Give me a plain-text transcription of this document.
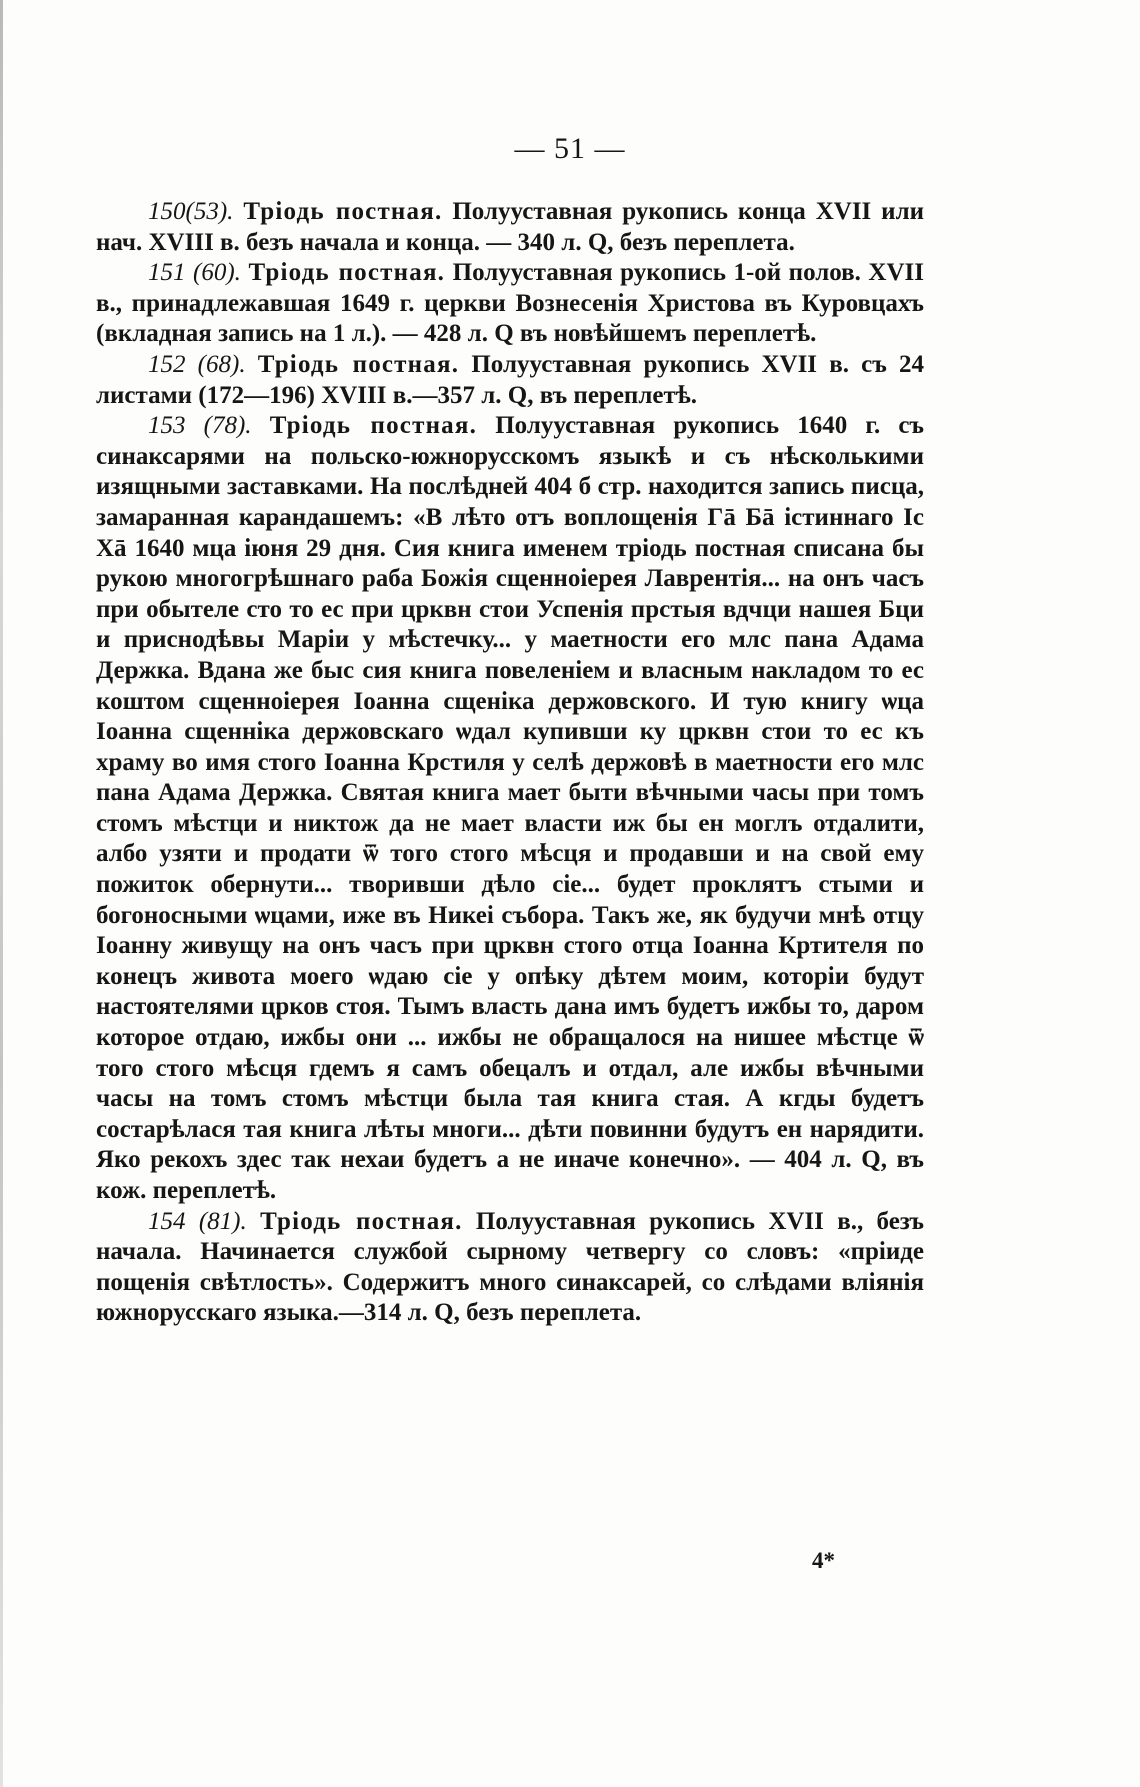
— 51 —

150(53). Тріодь постная. Полууставная рукопись конца XVII или нач. XVIII в. безъ начала и конца. — 340 л. Q, безъ переплета.

151 (60). Тріодь постная. Полууставная рукопись 1-ой полов. XVII в., принадлежавшая 1649 г. церкви Вознесенія Христова въ Куровцахъ (вкладная запись на 1 л.). — 428 л. Q въ новѣйшемъ переплетѣ.

152 (68). Тріодь постная. Полууставная рукопись XVII в. съ 24 листами (172—196) XVIII в.—357 л. Q, въ переплетѣ.

153 (78). Тріодь постная. Полууставная рукопись 1640 г. съ синаксарями на польско-южнорусскомъ языкѣ и съ нѣсколькими изящными заставками. На послѣдней 404 б стр. находится запись писца, замаранная карандашемъ: «В лѣто отъ воплощенія Гā Бā істиннаго Іс Хā 1640 мца іюня 29 дня. Сия книга именем тріодь постная списана бы рукою многогрѣшнаго раба Божія сщенноіерея Лаврентія... на онъ часъ при обытеле сто то ес при црквн стои Успенія прстыя вдчци нашея Бци и приснодѣвы Маріи у мѣстечку... у маетности его млс пана Адама Держка. Вдана же быс сия книга повеленіем и власным накладом то ес коштом сщенноіерея Іоанна сщеніка держовского. И тую книгу ѡца Іоанна сщенніка держовскаго ѡдал купивши ку црквн стои то ес къ храму во имя стого Іоанна Крстиля у селѣ держовѣ в маетности его млс пана Адама Держка. Святая книга мает быти вѣчными часы при томъ стомъ мѣстци и никтож да не мает власти иж бы ен моглъ отдалити, албо узяти и продати ѿ того стого мѣсця и продавши и на свой ему пожиток обернути... творивши дѣло сіе... будет проклятъ стыми и богоносными ѡцами, иже въ Никеі съборa. Такъ же, як будучи мнѣ отцу Іоанну живущу на онъ часъ при црквн стого отца Іоанна Кртителя по конецъ живота моего ѡдаю сіе у опѣку дѣтем моим, которіи будут настоятелями црков стоя. Тымъ власть дана имъ будетъ ижбы то, даром которое отдаю, ижбы они ... ижбы не обращалося на нишее мѣстце ѿ того стого мѣсця гдемъ я самъ обецалъ и отдал, але ижбы вѣчными часы на томъ стомъ мѣстци была тая книга стая. А кгды будетъ состарѣлася тая книга лѣты многи... дѣти повинни будутъ ен нарядити. Яко рекохъ здес так нехаи будетъ а не иначе конечно». — 404 л. Q, въ кож. переплетѣ.

154 (81). Тріодь постная. Полууставная рукопись XVII в., безъ начала. Начинается службой сырному четвергу со словъ: «пріиде пощенія свѣтлость». Содержитъ много синаксарей, со слѣдами вліянія южнорусскаго языка.—314 л. Q, безъ переплета.

4*
